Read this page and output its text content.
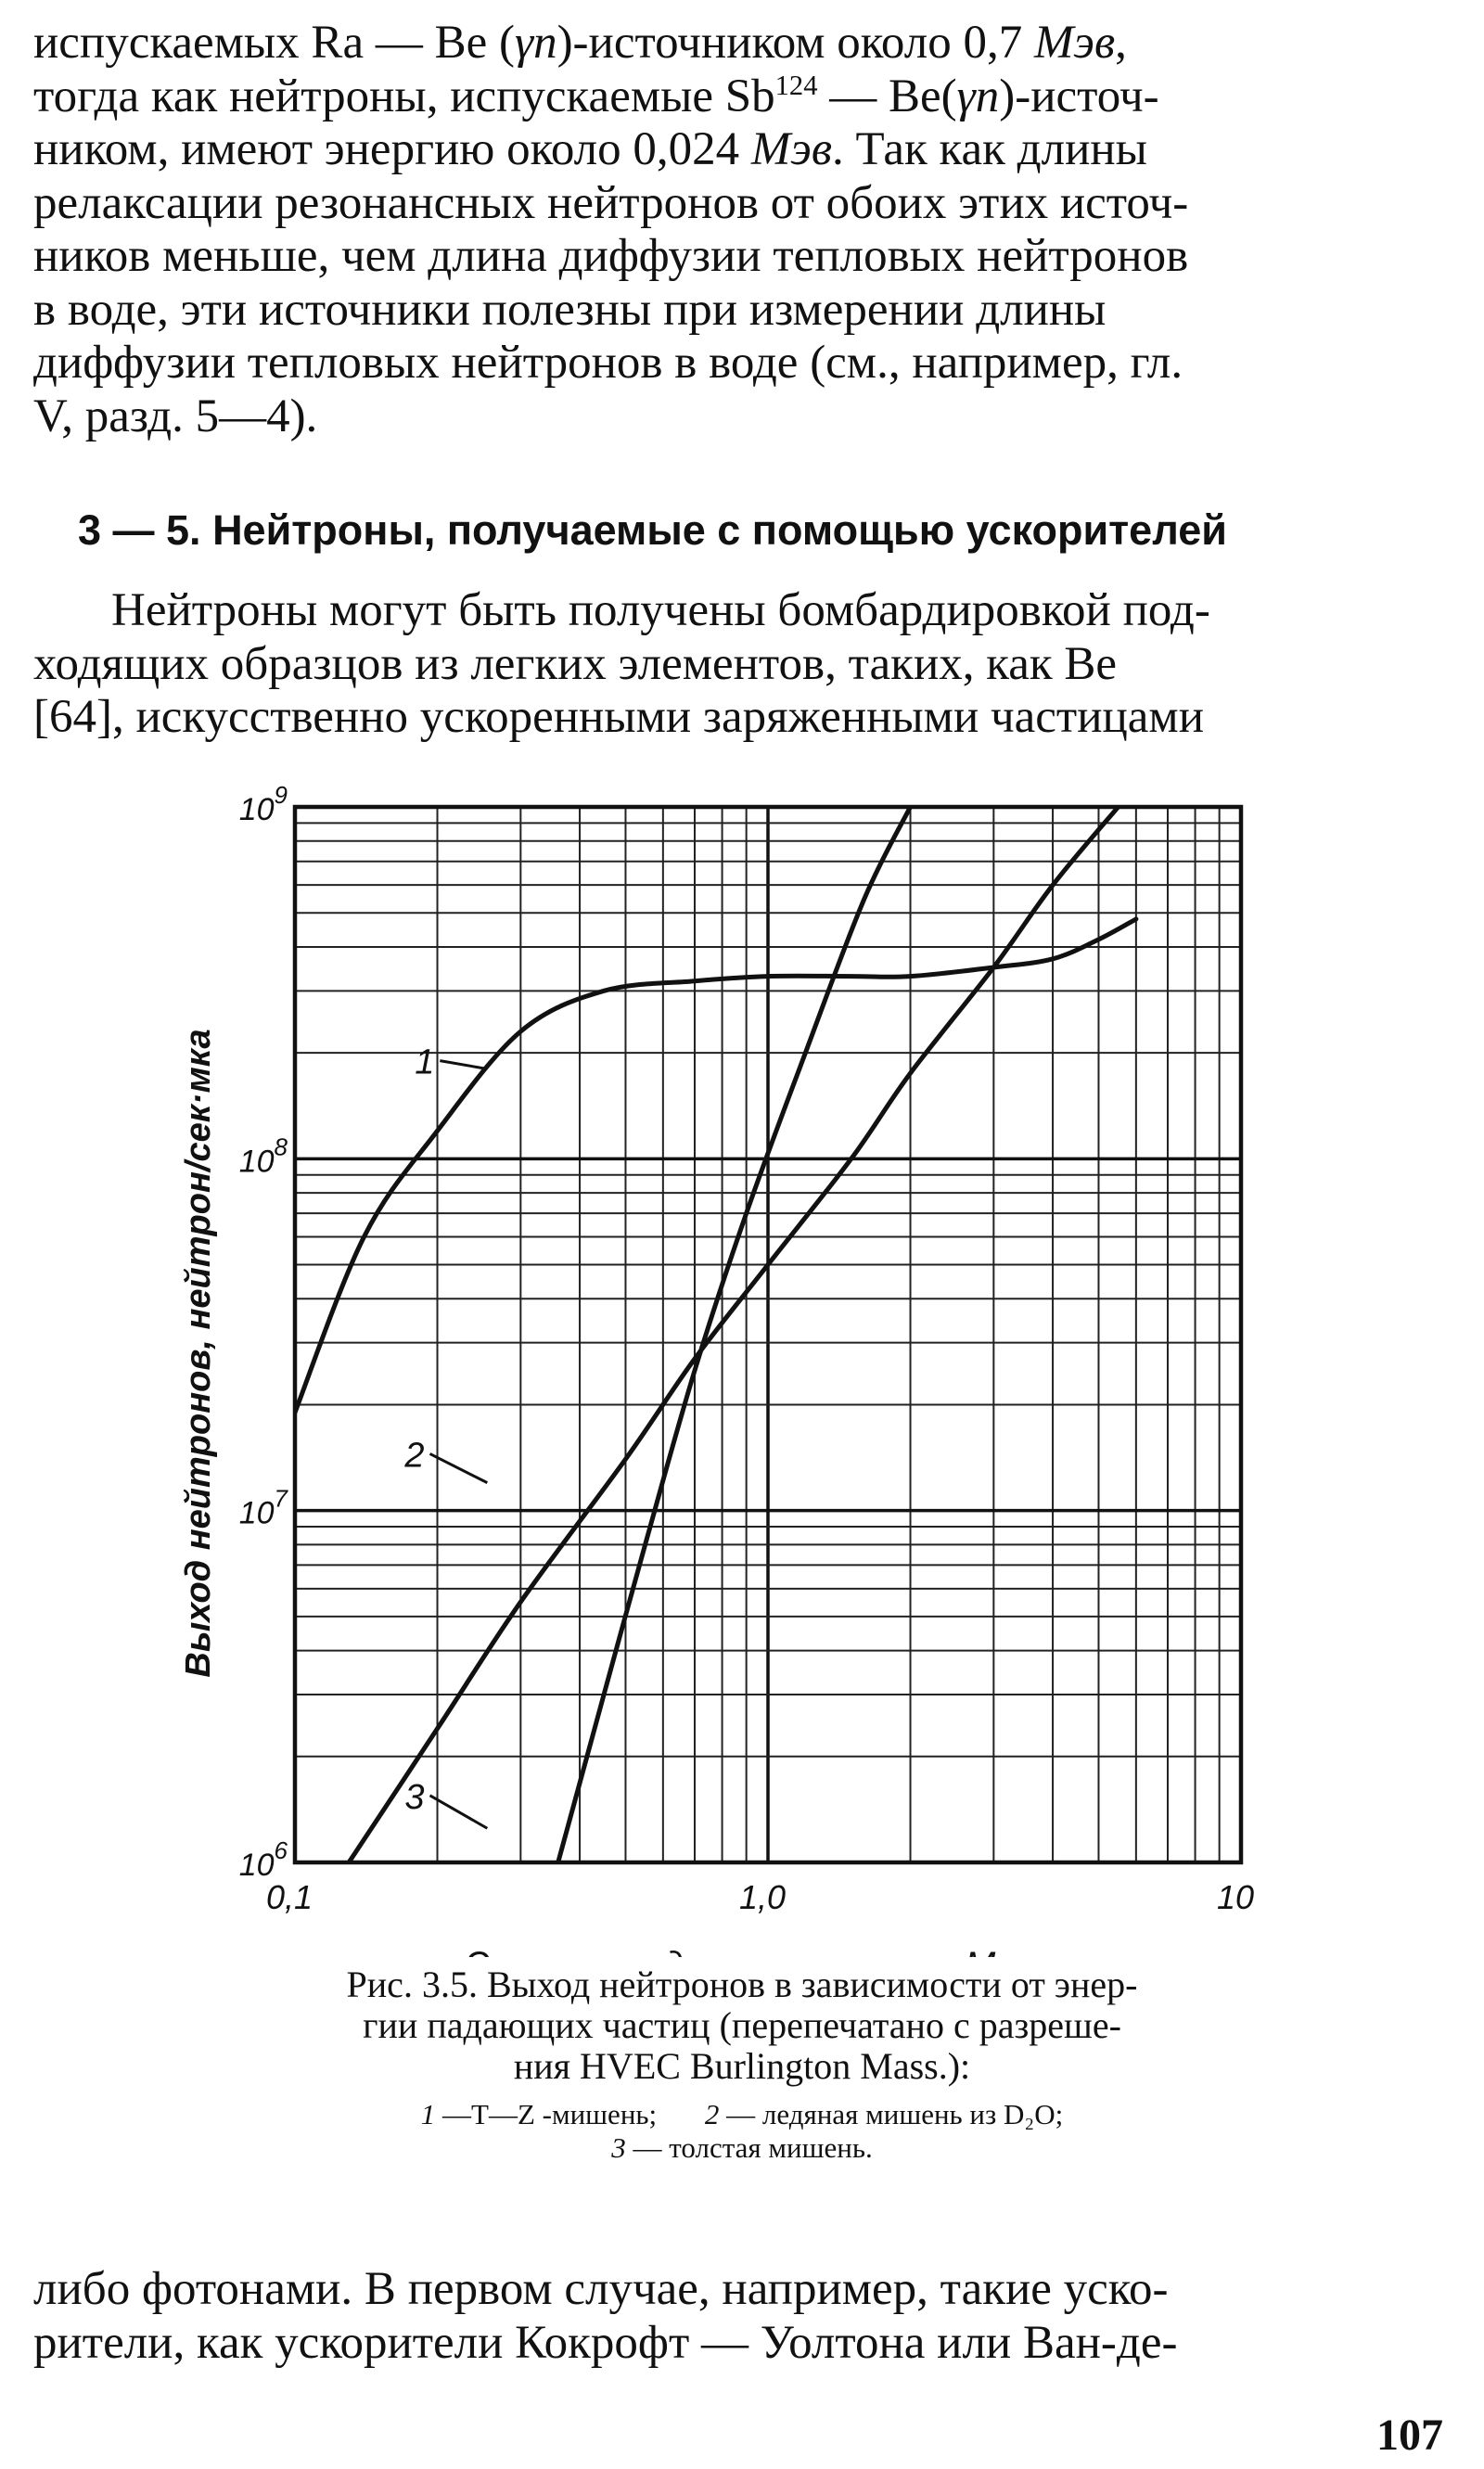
испускаемых Ra — Be (γn)-источником около 0,7 Мэв,

тогда как нейтроны, испускаемые Sb$^{124}$ — Be(γn)-источ-

ником, имеют энергию около 0,024 Мэв. Так как длины

релаксации резонансных нейтронов от обоих этих источ-

ников меньше, чем длина диффузии тепловых нейтронов

в воде, эти источники полезны при измерении длины

диффузии тепловых нейтронов в воде (см., например, гл.

V, разд. 5—4).

3 — 5. Нейтроны, получаемые с помощью ускорителей

Нейтроны могут быть получены бомбардировкой под-

ходящих образцов из легких элементов, таких, как Be

[64], искусственно ускоренными заряженными частицами

0,1	1,0	10
$10^6$
$10^7$
$10^8$
$10^9$
Выход нейтронов, нейтрон/сек·мка	1
2
3
Рис. 3.5. Выход нейтронов в зависимости от энер-
гии падающих частиц (перепечатано с разреше-
ния HVEC Burlington Mass.):
1 —Т—Z -мишень; 2 — ледяная мишень из D₂O;
3 — толстая мишень.

либо фотонами. В первом случае, например, такие уско-

рители, как ускорители Кокрофт — Уолтона или Ван-де-

107
